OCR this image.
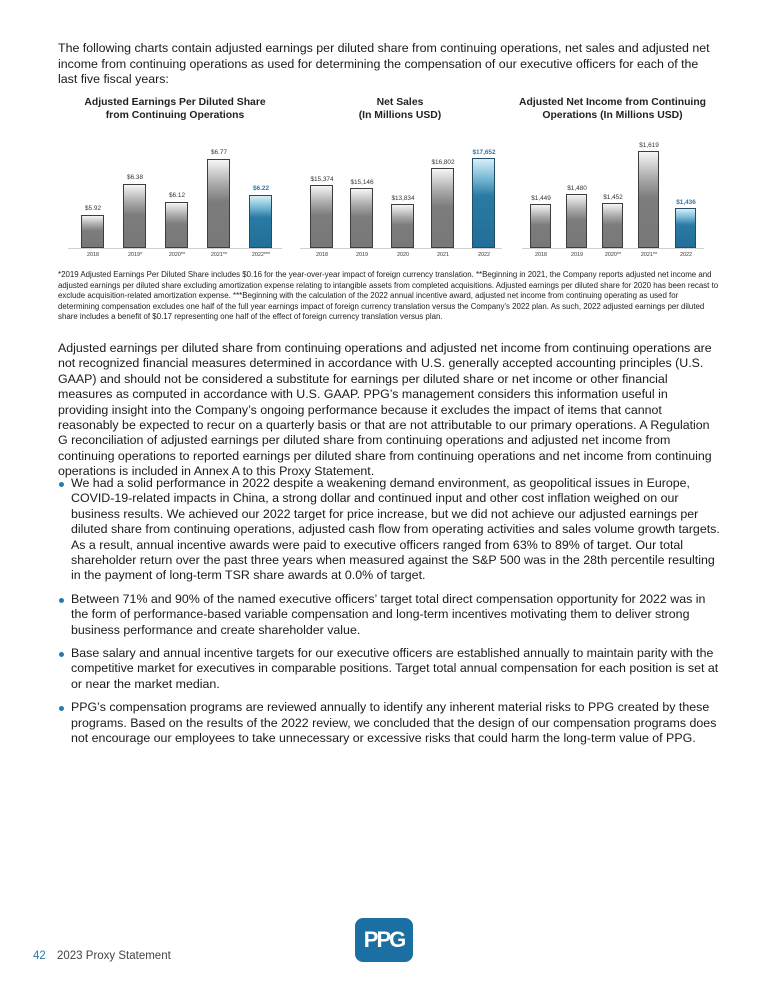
The following charts contain adjusted earnings per diluted share from continuing operations, net sales and adjusted net income from continuing operations as used for determining the compensation of our executive officers for each of the last five fiscal years:

Adjusted Earnings Per Diluted Share
from Continuing Operations
$5.92
$6.38
$6.12
$6.77
$6.22
2018	2019*	2020**	2021**	2022***
Net Sales
(In Millions USD)
$15,374	$15,146
$13,834
$16,802
$17,652
2018	2019	2020	2021	2022
Adjusted Net Income from Continuing
Operations (In Millions USD)
$1,449
$1,480
$1,452
$1,619
$1,436
2018	2019	2020**	2021**	2022

*2019 Adjusted Earnings Per Diluted Share includes $0.16 for the year-over-year impact of foreign currency translation. **Beginning in 2021, the Company reports adjusted net income and adjusted earnings per diluted share excluding amortization expense relating to intangible assets from completed acquisitions. Adjusted earnings per diluted share for 2020 has been recast to exclude acquisition-related amortization expense. ***Beginning with the calculation of the 2022 annual incentive award, adjusted net income from continuing operating as used for determining compensation excludes one half of the full year earnings impact of foreign currency translation versus the Company's 2022 plan. As such, 2022 adjusted earnings per diluted share includes a benefit of $0.17 representing one half of the effect of foreign currency translation versus plan.

Adjusted earnings per diluted share from continuing operations and adjusted net income from continuing operations are not recognized financial measures determined in accordance with U.S. generally accepted accounting principles (U.S. GAAP) and should not be considered a substitute for earnings per diluted share or net income or other financial measures as computed in accordance with U.S. GAAP. PPG’s management considers this information useful in providing insight into the Company’s ongoing performance because it excludes the impact of items that cannot reasonably be expected to recur on a quarterly basis or that are not attributable to our primary operations. A Regulation G reconciliation of adjusted earnings per diluted share from continuing operations and adjusted net income from continuing operations to reported earnings per diluted share from continuing operations and net income from continuing operations is included in Annex A to this Proxy Statement.

We had a solid performance in 2022 despite a weakening demand environment, as geopolitical issues in Europe, COVID-19-related impacts in China, a strong dollar and continued input and other cost inflation weighed on our business results. We achieved our 2022 target for price increase, but we did not achieve our adjusted earnings per diluted share from continuing operations, adjusted cash flow from operating activities and sales volume growth targets. As a result, annual incentive awards were paid to executive officers ranged from 63% to 89% of target. Our total shareholder return over the past three years when measured against the S&P 500 was in the 28th percentile resulting in the payment of long-term TSR share awards at 0.0% of target.
Between 71% and 90% of the named executive officers’ target total direct compensation opportunity for 2022 was in the form of performance-based variable compensation and long-term incentives motivating them to deliver strong business performance and create shareholder value.
Base salary and annual incentive targets for our executive officers are established annually to maintain parity with the competitive market for executives in comparable positions. Target total annual compensation for each position is set at or near the market median.
PPG’s compensation programs are reviewed annually to identify any inherent material risks to PPG created by these programs. Based on the results of the 2022 review, we concluded that the design of our compensation programs does not encourage our employees to take unnecessary or excessive risks that could harm the long-term value of PPG.
42 2023 Proxy Statement
PPG
